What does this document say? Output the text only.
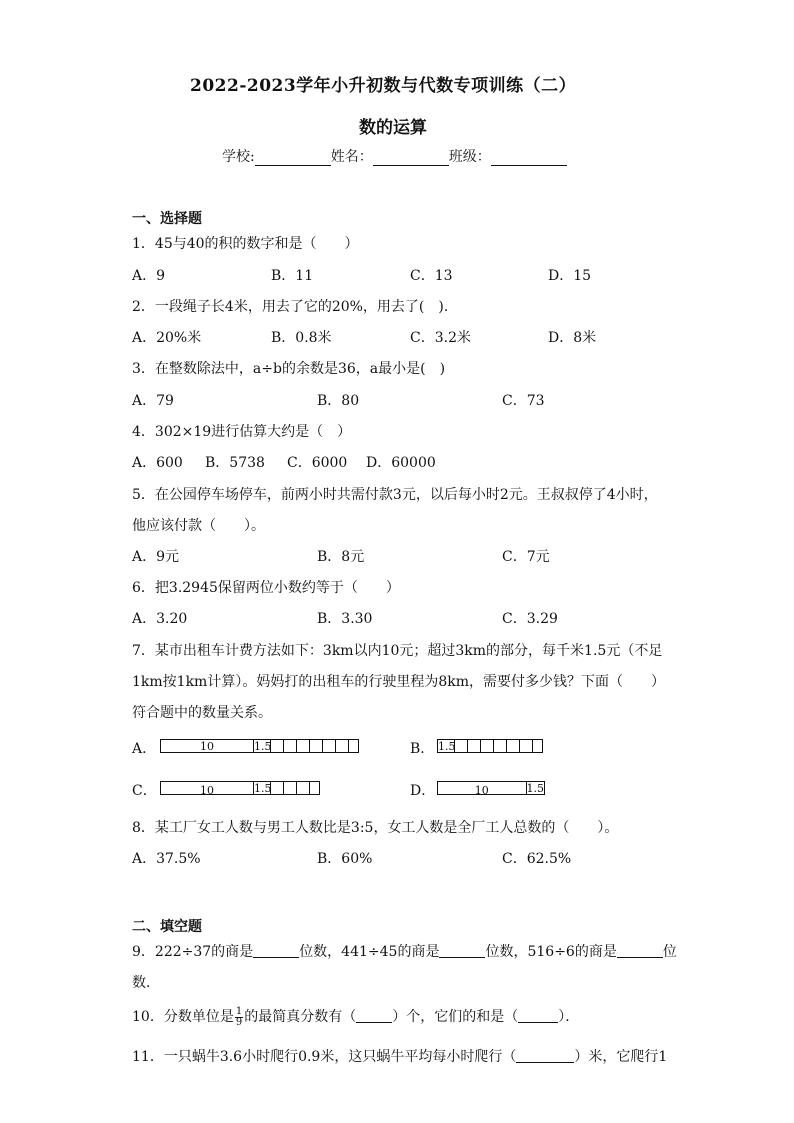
2022-2023学年小升初数与代数专项训练（二）
数的运算
学校:	姓名：	班级：
一、选择题
1．45与40的积的数字和是（　　）
A．9	B．11	C．13	D．15
2．一段绳子长4米，用去了它的20%，用去了(　)．
A．20%米	B．0.8米	C．3.2米	D．8米
3．在整数除法中，a÷b的余数是36，a最小是(　)
A．79	B．80	C．73
4．302×19进行估算大约是（　）
A．600 B．5738 C．6000 D．60000
5．在公园停车场停车，前两小时共需付款3元，以后每小时2元。王叔叔停了4小时，
他应该付款（　　）。
A．9元	B．8元	C．7元
6．把3.2945保留两位小数约等于（　　）
A．3.20	B．3.30	C．3.29
7．某市出租车计费方法如下：3km以内10元；超过3km的部分，每千米1.5元（不足
1km按1km计算）。妈妈打的出租车的行驶里程为8km，需要付多少钱？下面（　　）
符合题中的数量关系。
A．	10	1.5	B． 1.5
C．	10	1.5	D．	10	1.5
8．某工厂女工人数与男工人数比是3:5，女工人数是全厂工人总数的（　　）。
A．37.5%	B．60%	C．62.5%
二、填空题
9．222÷37的商是	位数，441÷45的商是	位数，516÷6的商是	位
数．
10．分数单位是 $\frac{1}{9}$ 的最简真分数有（	）个，它们的和是（	）．
11．一只蜗牛3.6小时爬行0.9米，这只蜗牛平均每小时爬行（	）米，它爬行1
